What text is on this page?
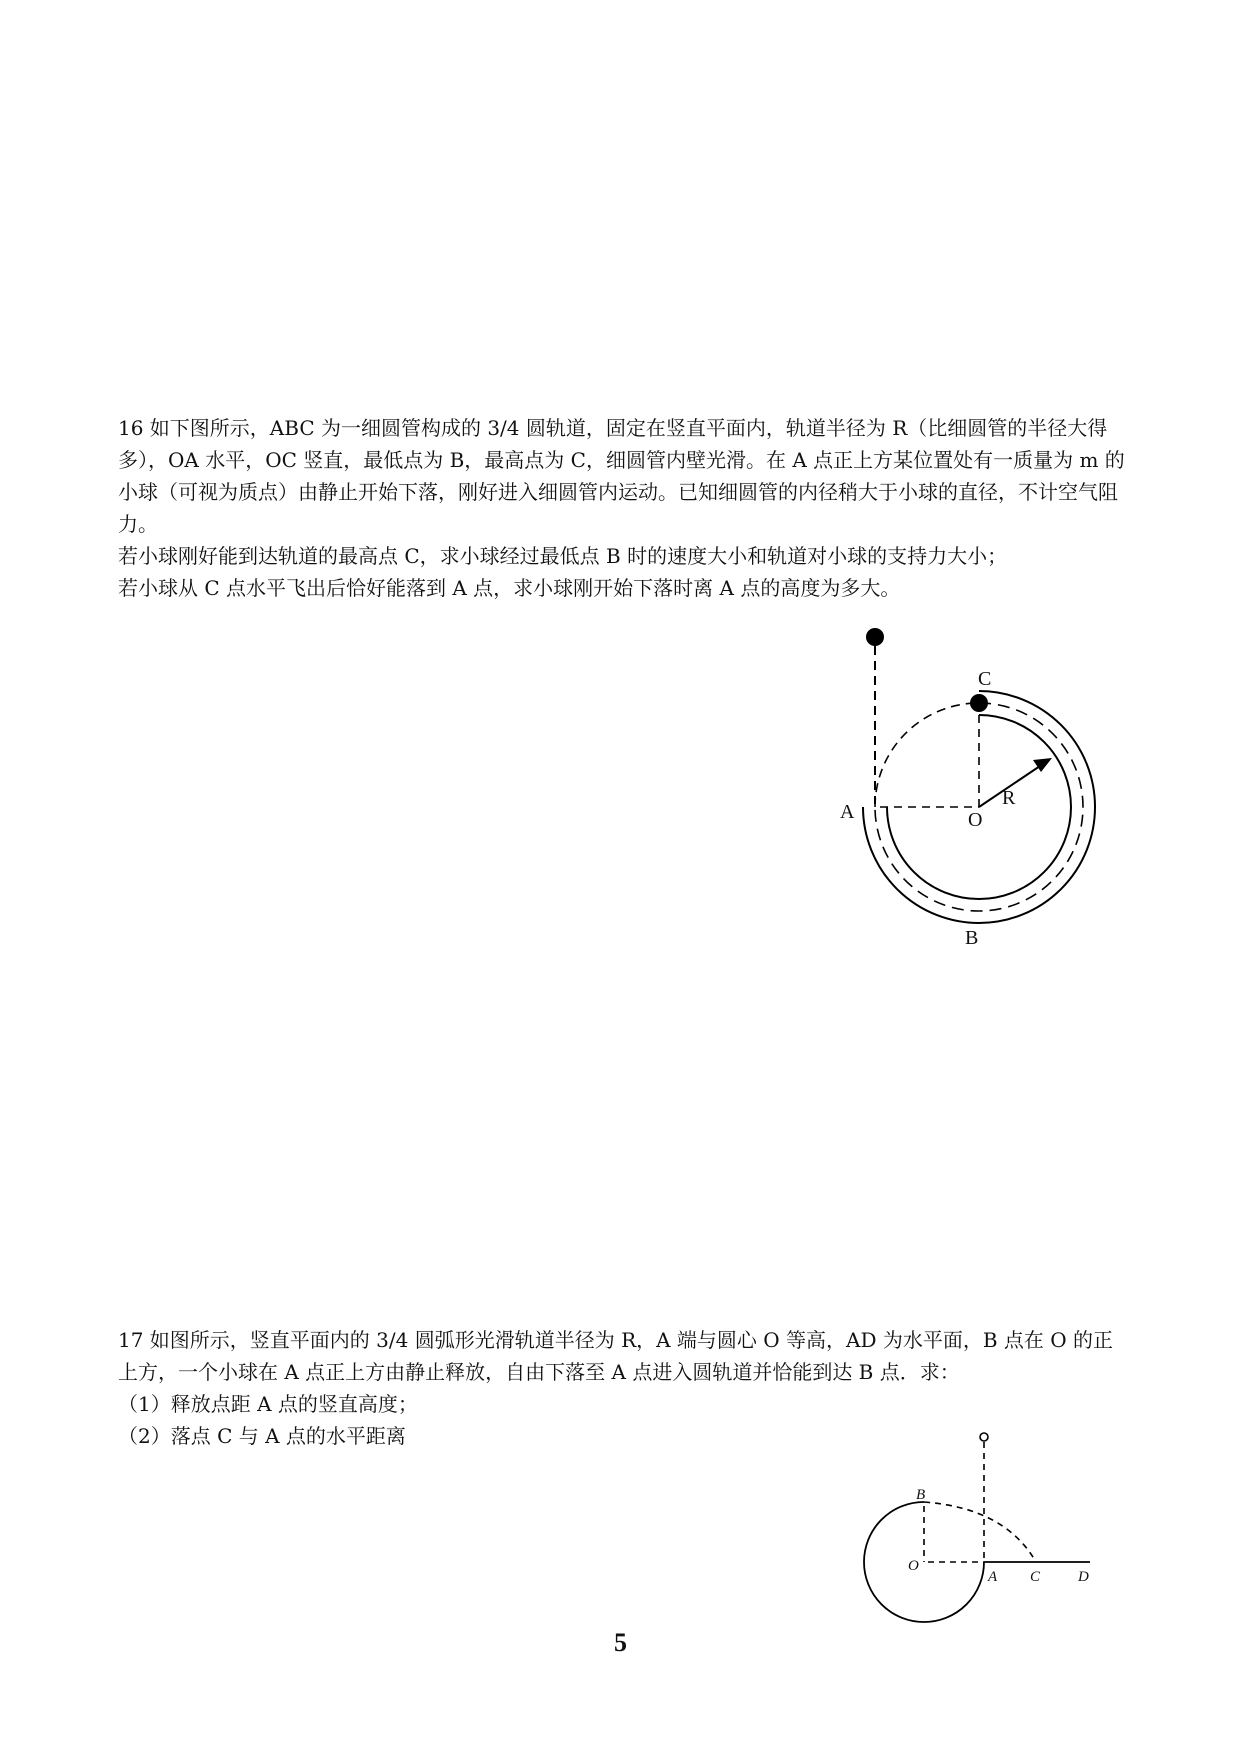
16 如下图所示，ABC 为一细圆管构成的 3/4 圆轨道，固定在竖直平面内，轨道半径为 R（比细圆管的半径大得多），OA 水平，OC 竖直，最低点为 B，最高点为 C，细圆管内壁光滑。在 A 点正上方某位置处有一质量为 m 的小球（可视为质点）由静止开始下落，刚好进入细圆管内运动。已知细圆管的内径稍大于小球的直径，不计空气阻力。

若小球刚好能到达轨道的最高点 C，求小球经过最低点 B 时的速度大小和轨道对小球的支持力大小；

若小球从 C 点水平飞出后恰好能落到 A 点，求小球刚开始下落时离 A 点的高度为多大。

C
A	O
R
B

17 如图所示，竖直平面内的 3/4 圆弧形光滑轨道半径为 R，A 端与圆心 O 等高，AD 为水平面，B 点在 O 的正上方，一个小球在 A 点正上方由静止释放，自由下落至 A 点进入圆轨道并恰能到达 B 点．求：

（1）释放点距 A 点的竖直高度；

（2）落点 C 与 A 点的水平距离

B
O
A C	D
5
